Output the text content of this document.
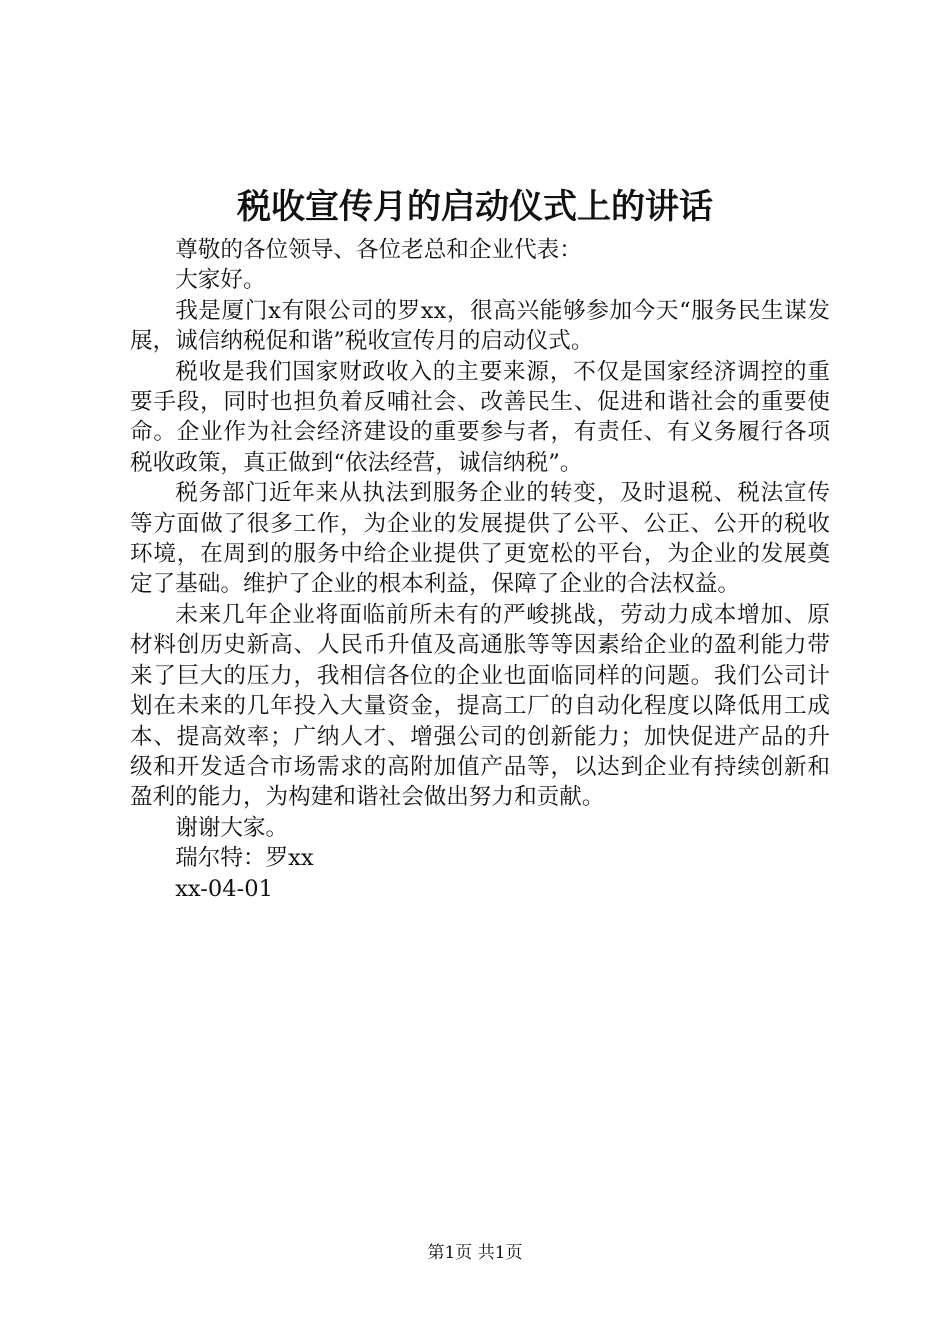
税收宣传月的启动仪式上的讲话

尊敬的各位领导、各位老总和企业代表：

大家好。

我是厦门x有限公司的罗xx，很高兴能够参加今天“服务民生谋发展，诚信纳税促和谐”税收宣传月的启动仪式。

税收是我们国家财政收入的主要来源，不仅是国家经济调控的重要手段，同时也担负着反哺社会、改善民生、促进和谐社会的重要使命。企业作为社会经济建设的重要参与者，有责任、有义务履行各项税收政策，真正做到“依法经营，诚信纳税”。

税务部门近年来从执法到服务企业的转变，及时退税、税法宣传等方面做了很多工作，为企业的发展提供了公平、公正、公开的税收环境，在周到的服务中给企业提供了更宽松的平台，为企业的发展奠定了基础。维护了企业的根本利益，保障了企业的合法权益。

未来几年企业将面临前所未有的严峻挑战，劳动力成本增加、原材料创历史新高、人民币升值及高通胀等等因素给企业的盈利能力带来了巨大的压力，我相信各位的企业也面临同样的问题。我们公司计划在未来的几年投入大量资金，提高工厂的自动化程度以降低用工成本、提高效率；广纳人才、增强公司的创新能力；加快促进产品的升级和开发适合市场需求的高附加值产品等，以达到企业有持续创新和盈利的能力，为构建和谐社会做出努力和贡献。

谢谢大家。

瑞尔特：罗xx

xx-04-01

第1页 共1页
